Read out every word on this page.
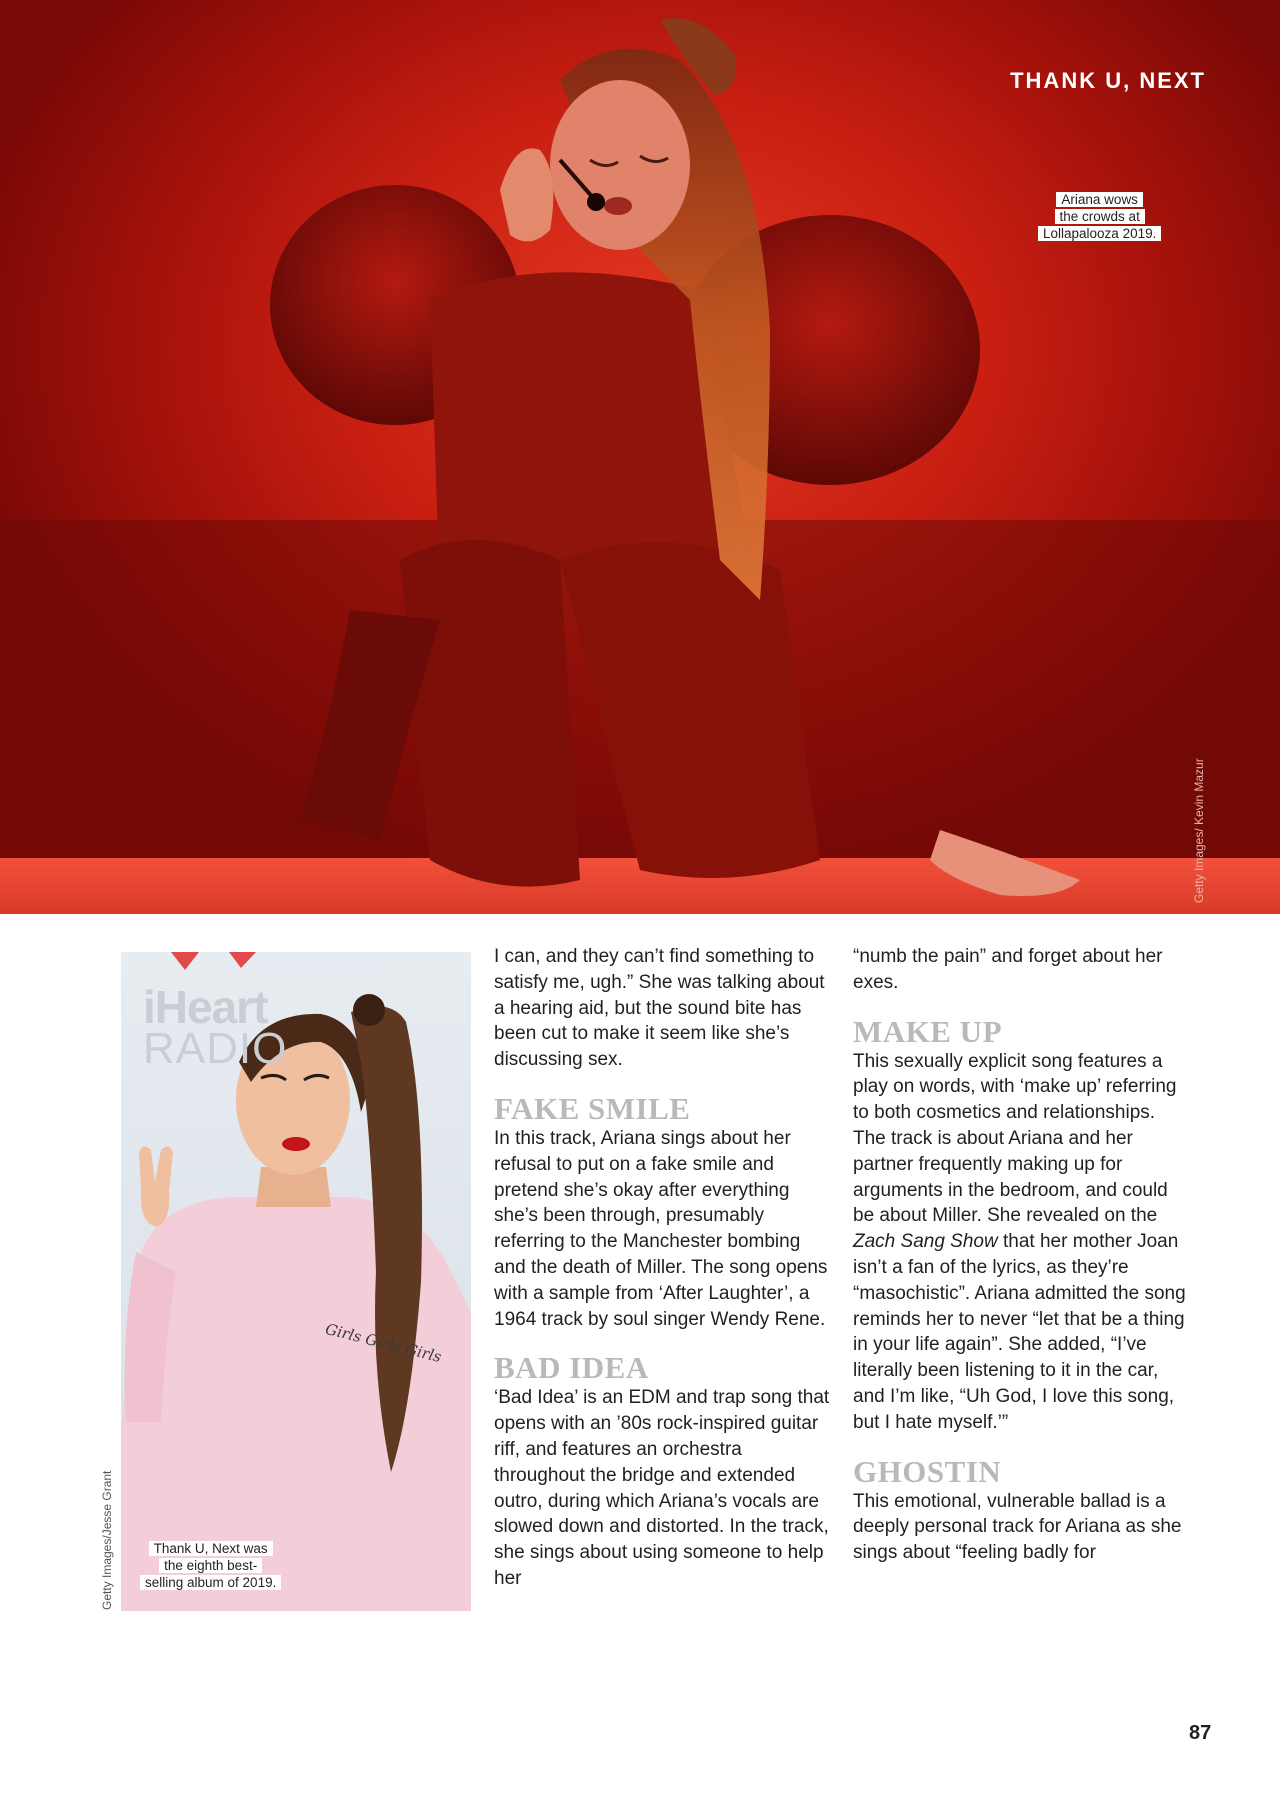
THANK U, NEXT
Ariana wows
the crowds at
Lollapalooza 2019.
Getty Images/ Kevin Mazur
iHeart
RADIO
Girls Girls Girls
Thank U, Next was
the eighth best-
selling album of 2019.
Getty Images/Jesse Grant

I can, and they can’t find something to satisfy me, ugh.” She was talking about a hearing aid, but the sound bite has been cut to make it seem like she’s discussing sex.

FAKE SMILE

In this track, Ariana sings about her refusal to put on a fake smile and pretend she’s okay after everything she’s been through, presumably referring to the Manchester bombing and the death of Miller. The song opens with a sample from ‘After Laughter’, a 1964 track by soul singer Wendy Rene.

BAD IDEA

‘Bad Idea’ is an EDM and trap song that opens with an ’80s rock-inspired guitar riff, and features an orchestra throughout the bridge and extended outro, during which Ariana’s vocals are slowed down and distorted. In the track, she sings about using someone to help her

“numb the pain” and forget about her exes.

MAKE UP

This sexually explicit song features a play on words, with ‘make up’ referring to both cosmetics and relationships. The track is about Ariana and her partner frequently making up for arguments in the bedroom, and could be about Miller. She revealed on the Zach Sang Show that her mother Joan isn’t a fan of the lyrics, as they’re “masochistic”. Ariana admitted the song reminds her to never “let that be a thing in your life again”. She added, “I’ve literally been listening to it in the car, and I’m like, “Uh God, I love this song, but I hate myself.’”

GHOSTIN

This emotional, vulnerable ballad is a deeply personal track for Ariana as she sings about “feeling badly for

87
